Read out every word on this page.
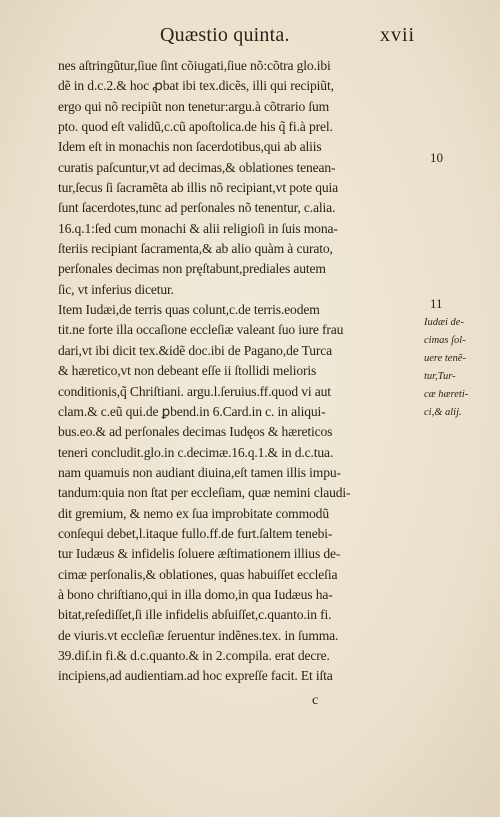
Quæstio quinta.	xvii
nes aſtringũtur,ſiue ſint cõiugati,ſiue nõ:cõtra glo.ibi
dẽ in d.c.2.& hoc ꝓbat ibi tex.dicẽs, illi qui recipiũt,
ergo qui nõ recipiũt non tenetur:argu.à cõtrario ſum
pto. quod eſt validũ,c.cũ apoſtolica.de his q̃ fi.à prel.
Idem eſt in monachis non ſacerdotibus,qui ab aliis
curatis paſcuntur,vt ad decimas,& oblationes tenean-
tur,ſecus ſi ſacramẽta ab illis nõ recipiant,vt pote quia
ſunt ſacerdotes,tunc ad perſonales nõ tenentur, c.alia.
16.q.1:ſed cum monachi & alii religioſi in ſuis mona-
ſteriis recipiant ſacramenta,& ab alio quàm à curato,
perſonales decimas non pręſtabunt,prediales autem
ſic, vt inferius dicetur.
Item Iudæi,de terris quas colunt,c.de terris.eodem
tit.ne forte illa occaſione eccleſiæ valeant ſuo iure frau
dari,vt ibi dicit tex.&idẽ doc.ibi de Pagano,de Turca
& hæretico,vt non debeant eſſe ii ſtollidi melioris
conditionis,q̃ Chriſtiani. argu.l.ſeruius.ff.quod vi aut
clam.& c.eũ qui.de ꝑbend.in 6.Card.in c. in aliqui-
bus.eo.& ad perſonales decimas Iudęos & hæreticos
teneri concludit.glo.in c.decimæ.16.q.1.& in d.c.tua.
nam quamuis non audiant diuina,eſt tamen illis impu-
tandum:quia non ſtat per eccleſiam, quæ nemini claudi-
dit gremium, & nemo ex ſua improbitate commodũ
conſequi debet,l.itaque fullo.ff.de furt.ſaltem tenebi-
tur Iudæus & infidelis ſoluere æſtimationem illius de-
cimæ perſonalis,& oblationes, quas habuiſſet eccleſia
à bono chriſtiano,qui in illa domo,in qua Iudæus ha-
bitat,reſediſſet,ſi ille infidelis abſuiſſet,c.quanto.in fi.
de viuris.vt eccleſiæ ſeruentur indẽnes.tex. in ſumma.
39.diſ.in fi.& d.c.quanto.& in 2.compila. erat decre.
incipiens,ad audientiam.ad hoc expreſſe facit. Et iſta
10
11
Iudæi de-
cimas ſol-
uere tenẽ-
tur,Tur-
cæ hæreti-
ci,& alij.
c
